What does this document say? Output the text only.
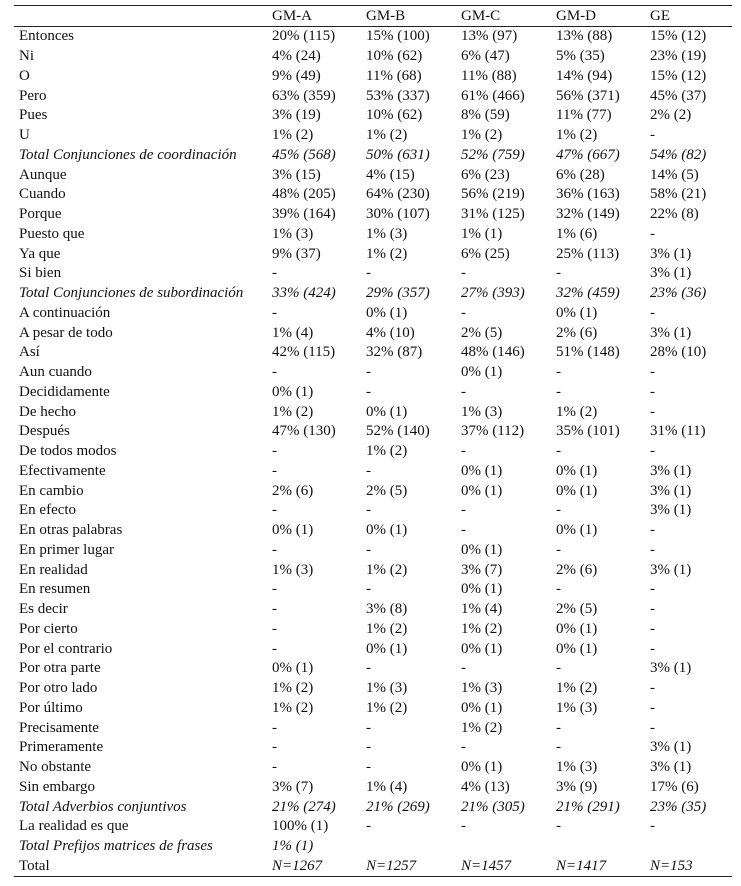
	GM-A	GM-B	GM-C	GM-D	GE
Entonces	20% (115)	15% (100)	13% (97)	13% (88)	15% (12)
Ni	4% (24)	10% (62)	6% (47)	5% (35)	23% (19)
O	9% (49)	11% (68)	11% (88)	14% (94)	15% (12)
Pero	63% (359)	53% (337)	61% (466)	56% (371)	45% (37)
Pues	3% (19)	10% (62)	8% (59)	11% (77)	2% (2)
U	1% (2)	1% (2)	1% (2)	1% (2)	-
Total Conjunciones de coordinación	45% (568)	50% (631)	52% (759)	47% (667)	54% (82)
Aunque	3% (15)	4% (15)	6% (23)	6% (28)	14% (5)
Cuando	48% (205)	64% (230)	56% (219)	36% (163)	58% (21)
Porque	39% (164)	30% (107)	31% (125)	32% (149)	22% (8)
Puesto que	1% (3)	1% (3)	1% (1)	1% (6)	-
Ya que	9% (37)	1% (2)	6% (25)	25% (113)	3% (1)
Si bien	-	-	-	-	3% (1)
Total Conjunciones de subordinación	33% (424)	29% (357)	27% (393)	32% (459)	23% (36)
A continuación	-	0% (1)	-	0% (1)	-
A pesar de todo	1% (4)	4% (10)	2% (5)	2% (6)	3% (1)
Así	42% (115)	32% (87)	48% (146)	51% (148)	28% (10)
Aun cuando	-	-	0% (1)	-	-
Decididamente	0% (1)	-	-	-	-
De hecho	1% (2)	0% (1)	1% (3)	1% (2)	-
Después	47% (130)	52% (140)	37% (112)	35% (101)	31% (11)
De todos modos	-	1% (2)	-	-	-
Efectivamente	-	-	0% (1)	0% (1)	3% (1)
En cambio	2% (6)	2% (5)	0% (1)	0% (1)	3% (1)
En efecto	-	-	-	-	3% (1)
En otras palabras	0% (1)	0% (1)	-	0% (1)	-
En primer lugar	-	-	0% (1)	-	-
En realidad	1% (3)	1% (2)	3% (7)	2% (6)	3% (1)
En resumen	-	-	0% (1)	-	-
Es decir	-	3% (8)	1% (4)	2% (5)	-
Por cierto	-	1% (2)	1% (2)	0% (1)	-
Por el contrario	-	0% (1)	0% (1)	0% (1)	-
Por otra parte	0% (1)	-	-	-	3% (1)
Por otro lado	1% (2)	1% (3)	1% (3)	1% (2)	-
Por último	1% (2)	1% (2)	0% (1)	1% (3)	-
Precisamente	-	-	1% (2)	-	-
Primeramente	-	-	-	-	3% (1)
No obstante	-	-	0% (1)	1% (3)	3% (1)
Sin embargo	3% (7)	1% (4)	4% (13)	3% (9)	17% (6)
Total Adverbios conjuntivos	21% (274)	21% (269)	21% (305)	21% (291)	23% (35)
La realidad es que	100% (1)	-	-	-	-
Total Prefijos matrices de frases	1% (1)				
Total	N=1267	N=1257	N=1457	N=1417	N=153
